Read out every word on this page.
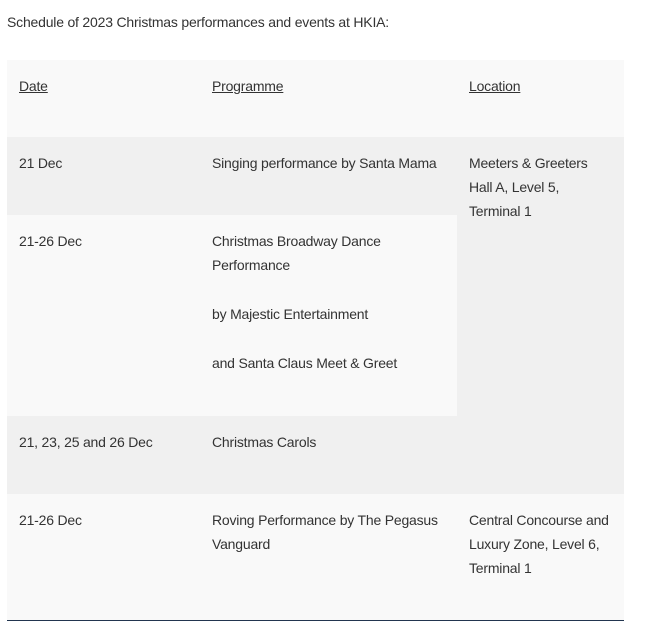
Schedule of 2023 Christmas performances and events at HKIA:
Date	Programme	Location
21 Dec	Singing performance by Santa Mama	Meeters & Greeters Hall A, Level 5, Terminal 1
21-26 Dec	Christmas Broadway Dance Performance

by Majestic Entertainment

and Santa Claus Meet & Greet	

21, 23, 25 and 26 Dec	Christmas Carols	

21-26 Dec	Roving Performance by The Pegasus Vanguard	Central Concourse and Luxury Zone, Level 6, Terminal 1
